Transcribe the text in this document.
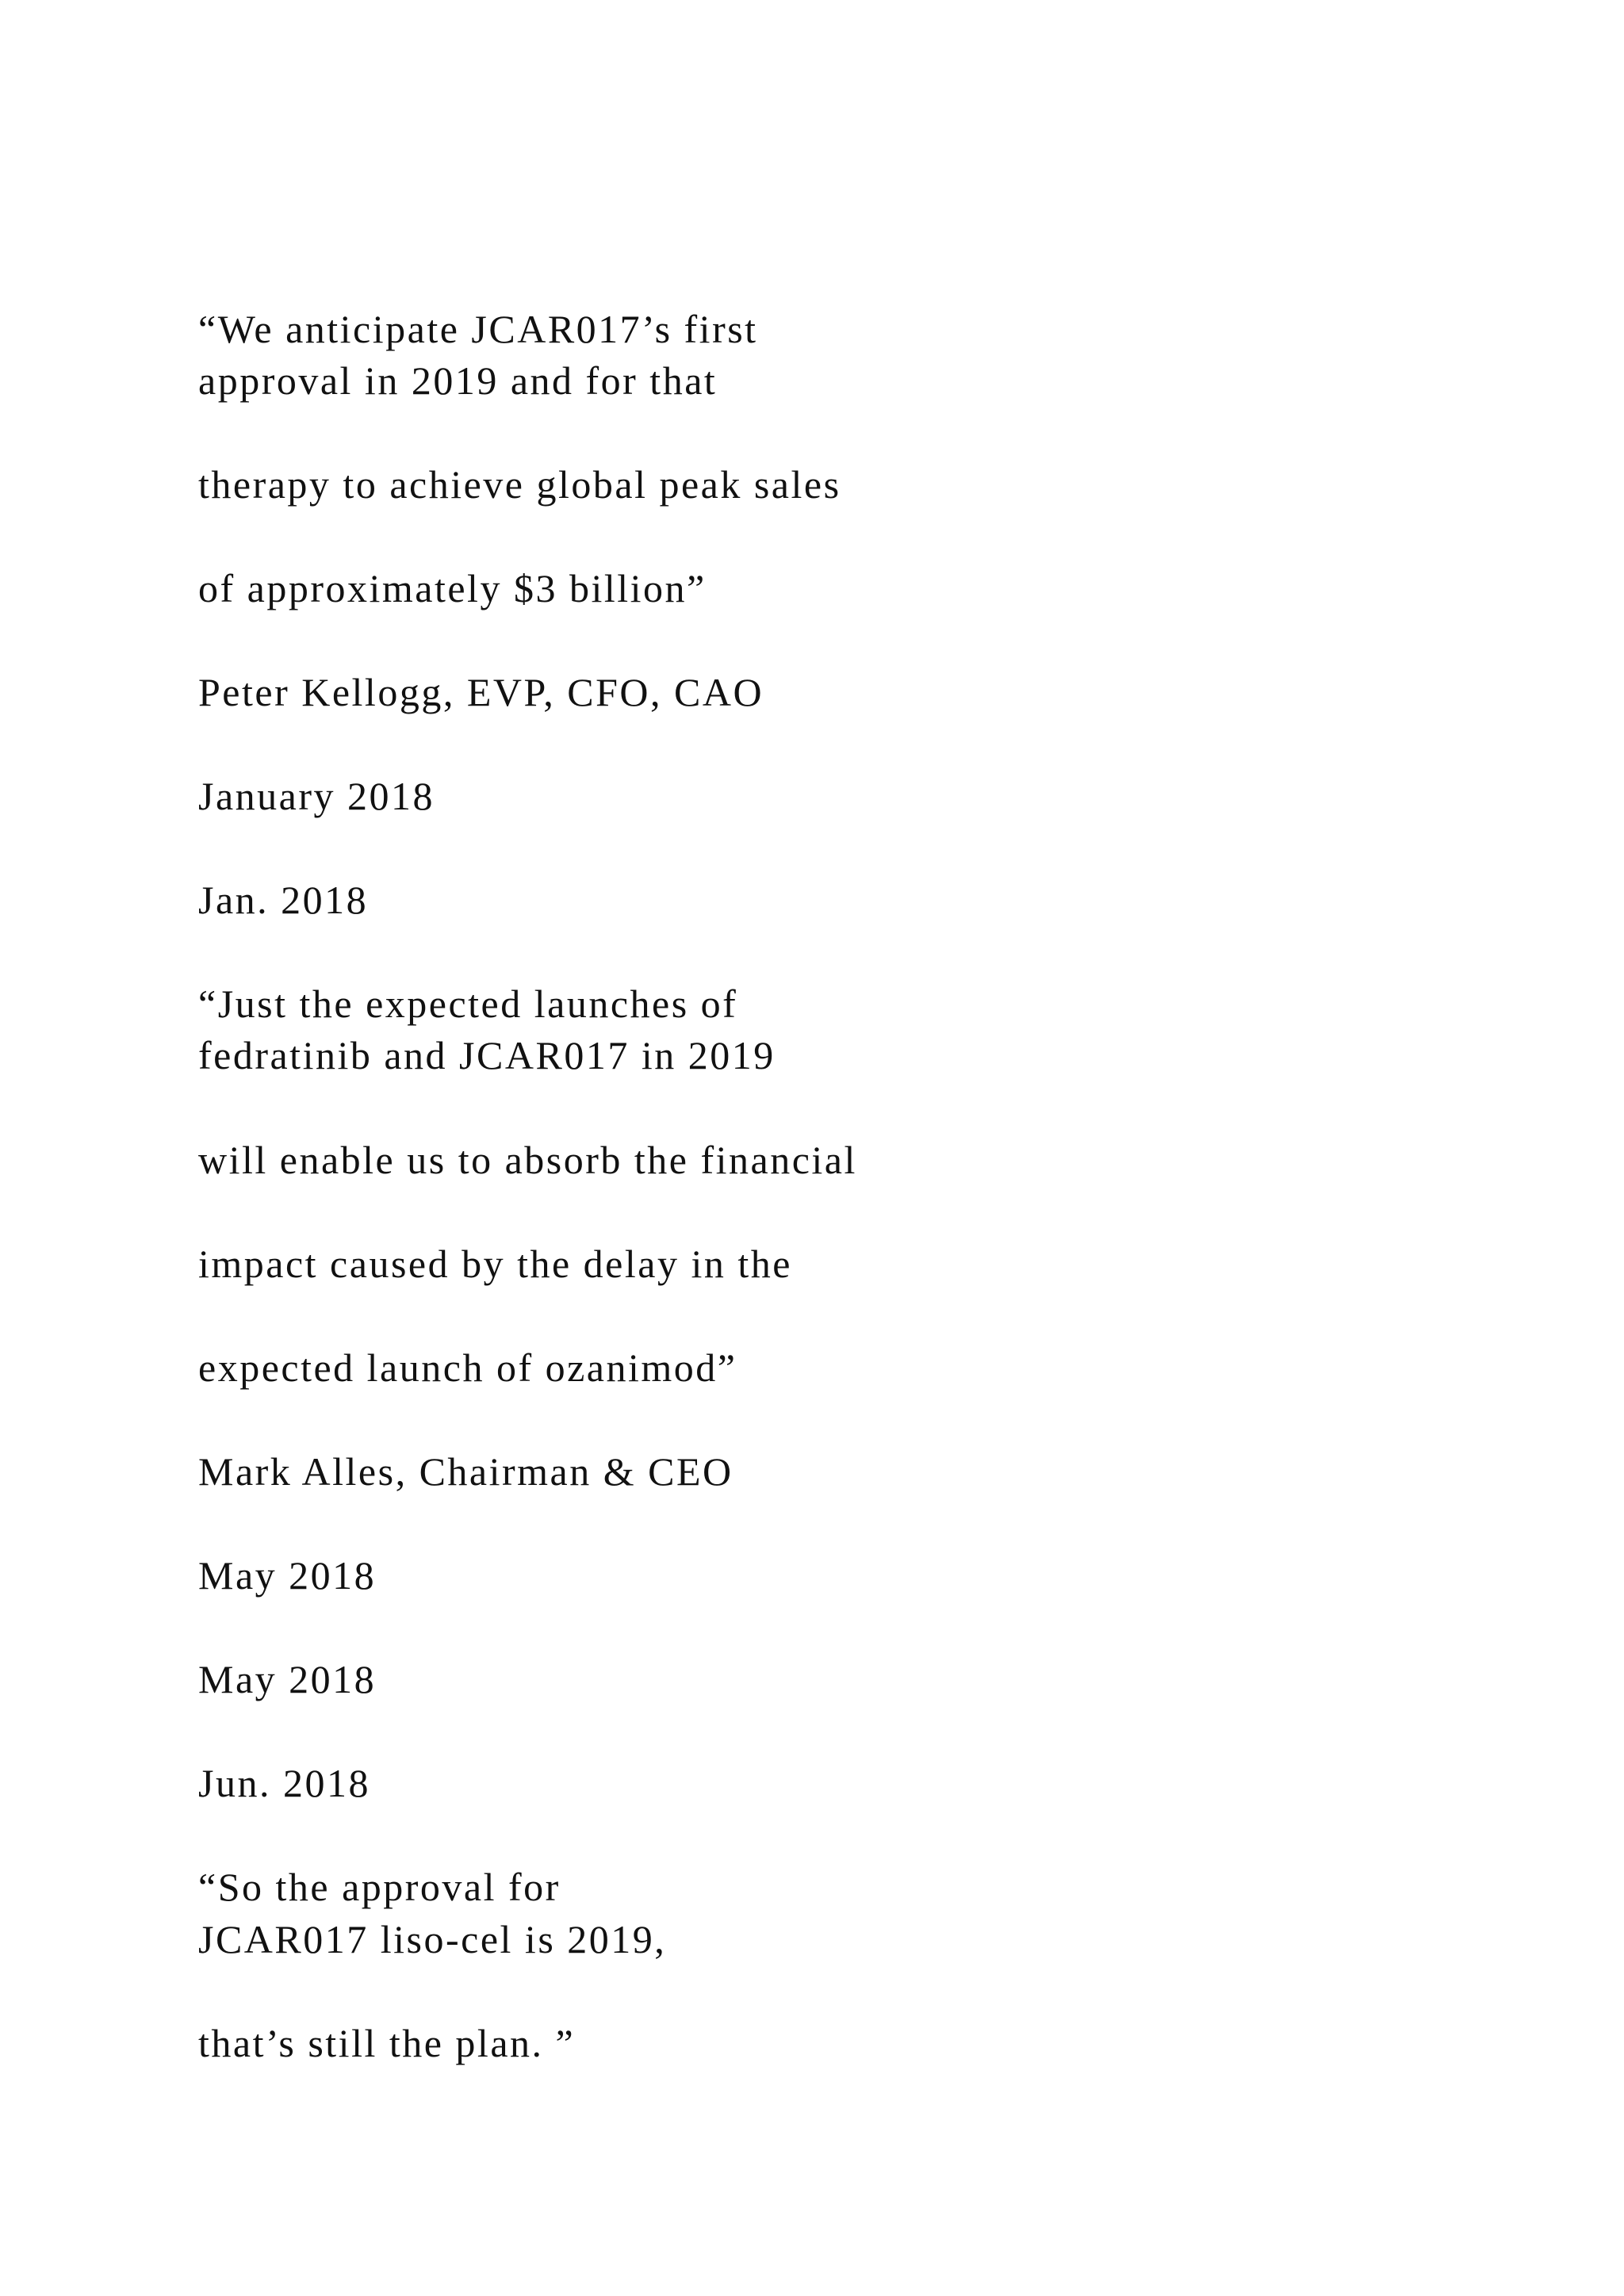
“We anticipate JCAR017’s first
approval in 2019 and for that
therapy to achieve global peak sales
of approximately $3 billion”
Peter Kellogg, EVP, CFO, CAO
January 2018
Jan. 2018
“Just the expected launches of
fedratinib and JCAR017 in 2019
will enable us to absorb the financial
impact caused by the delay in the
expected launch of ozanimod”
Mark Alles, Chairman & CEO
May 2018
May 2018
Jun. 2018
“So the approval for
JCAR017 liso-cel is 2019,
that’s still the plan. ”
